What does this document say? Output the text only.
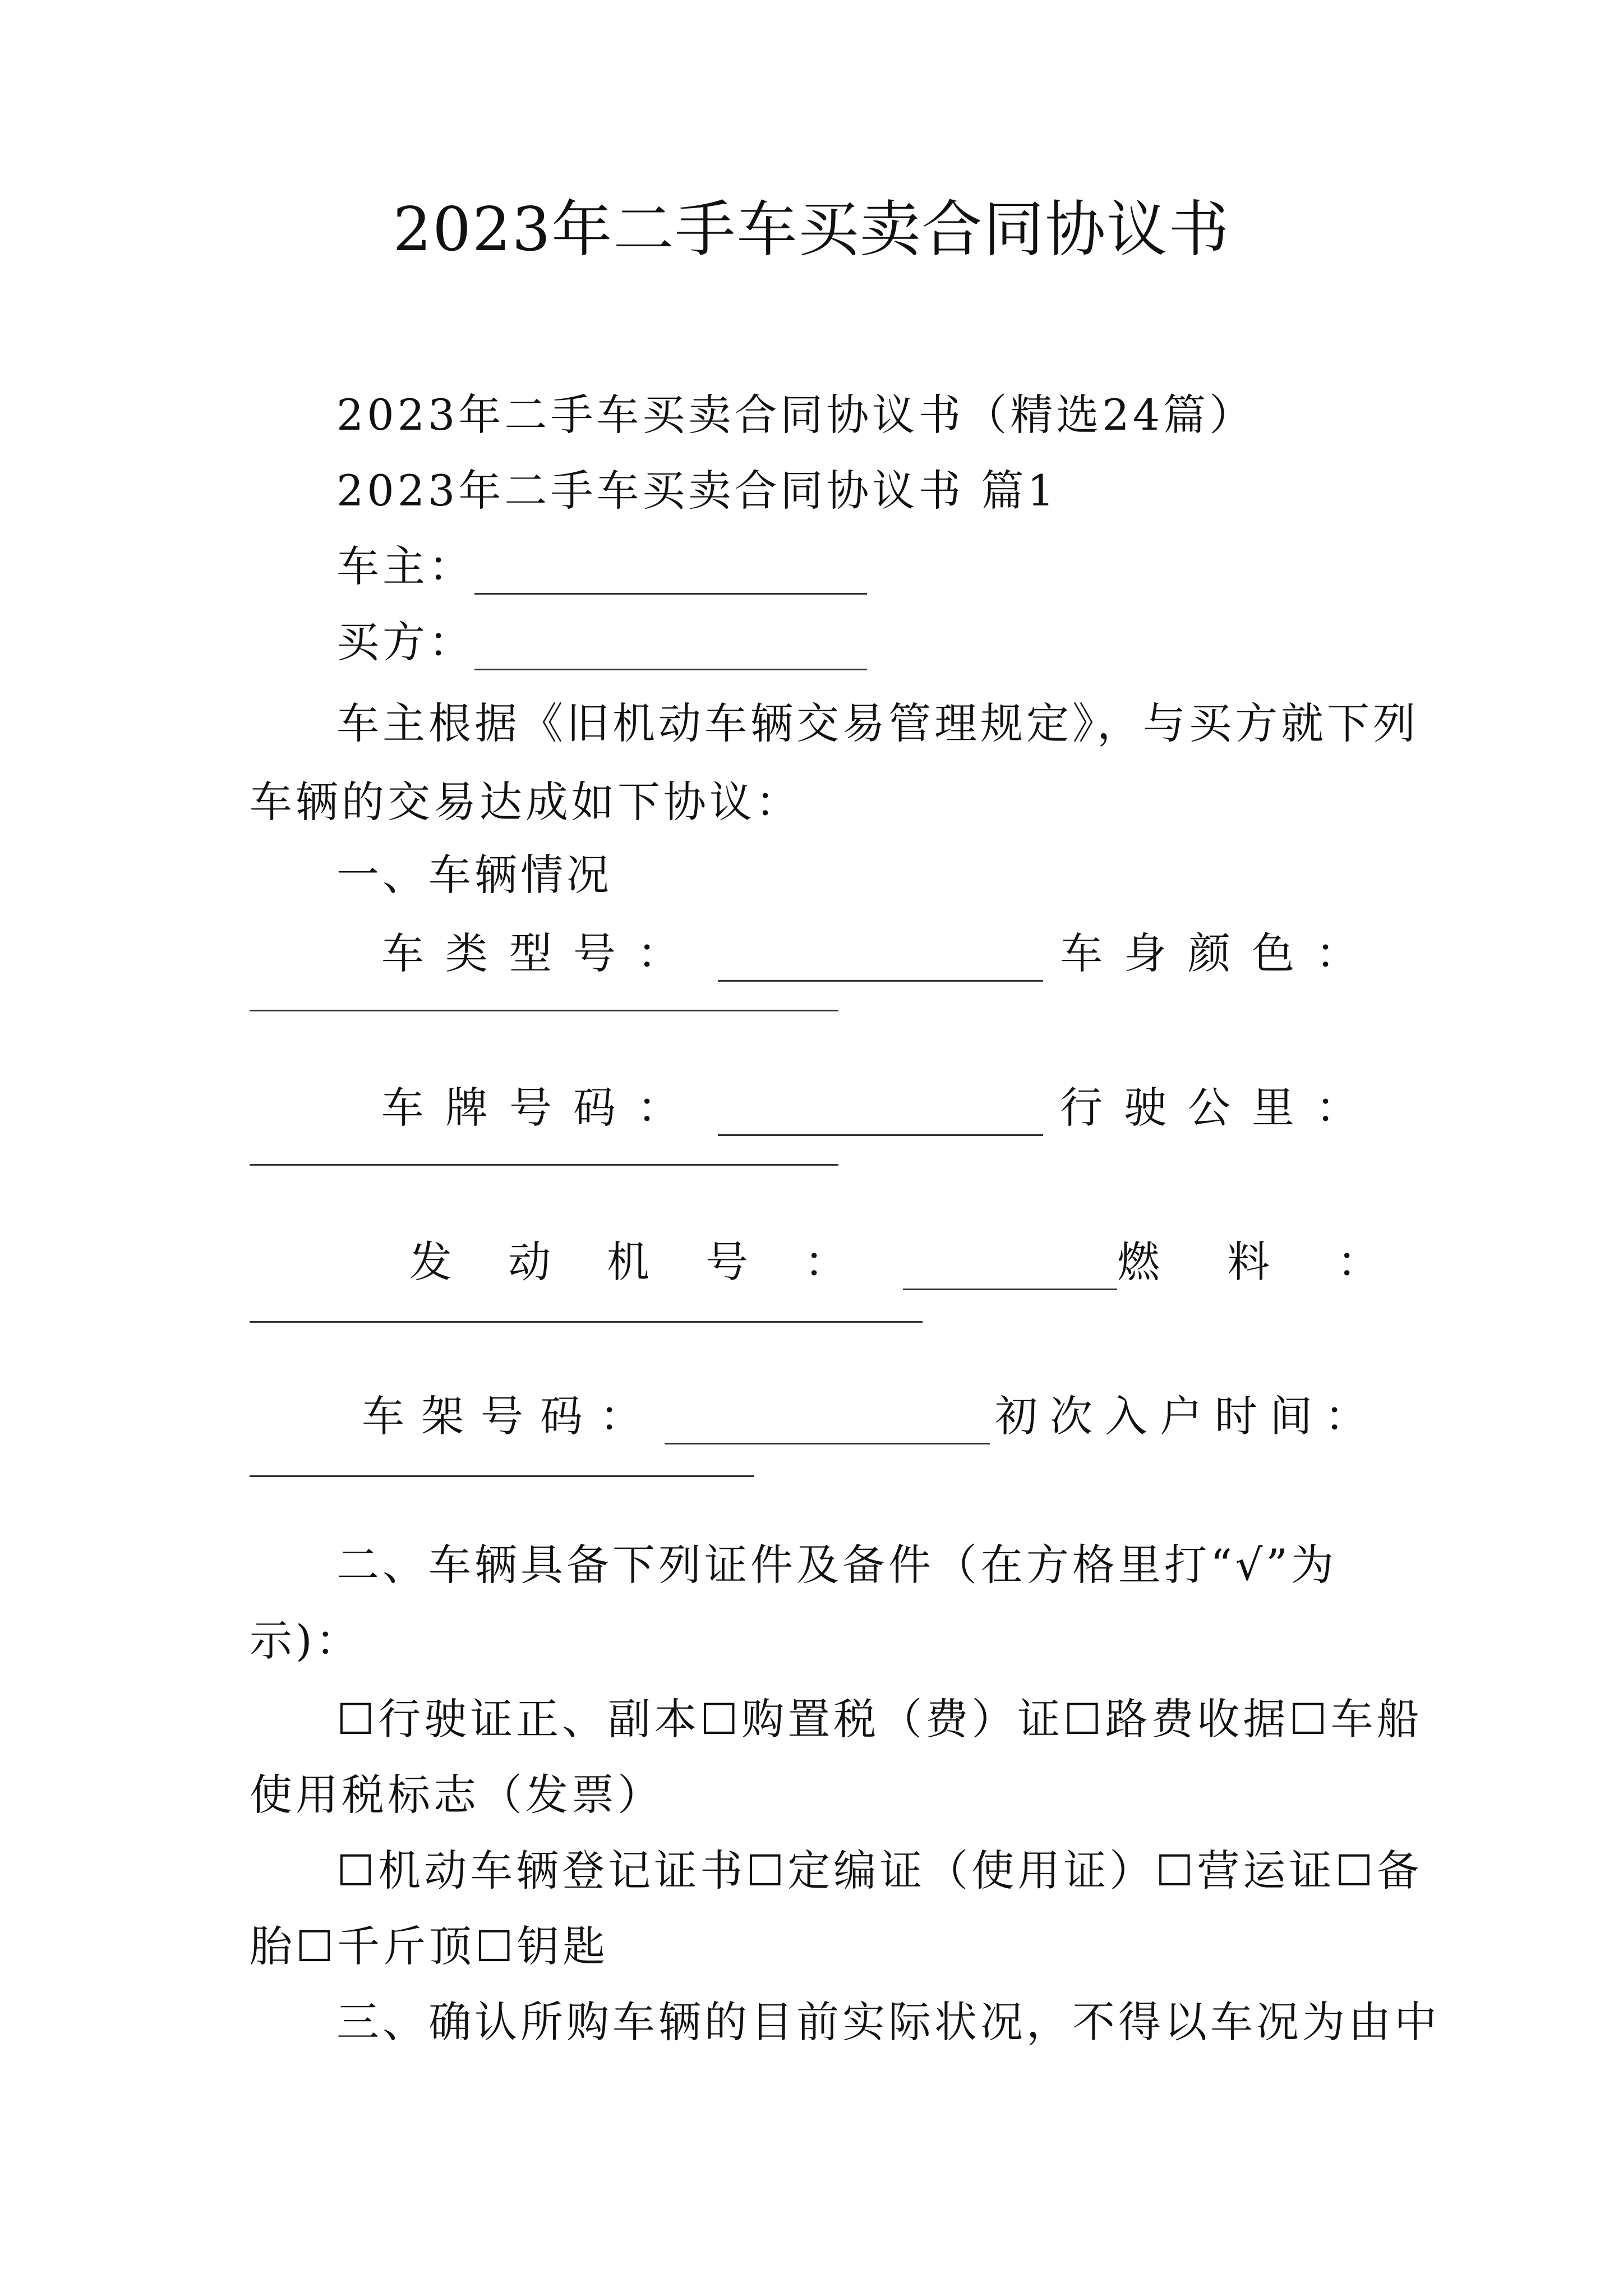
2023年二手车买卖合同协议书
2023年二手车买卖合同协议书（精选24篇）
2023年二手车买卖合同协议书 篇1
车主：
买方：
车主根据《旧机动车辆交易管理规定》，与买方就下列
车辆的交易达成如下协议：
一、车辆情况
车类型号：	车身颜色：
车牌号码：	行驶公里：
发动机号：	燃料：
车架号码：	初次入户时间：
二、车辆具备下列证件及备件（在方格里打“√”为
示)：
☐行驶证正、副本☐购置税（费）证☐路费收据☐车船
使用税标志（发票）
☐机动车辆登记证书☐定编证（使用证）☐营运证☐备
胎☐千斤顶☐钥匙
三、确认所购车辆的目前实际状况，不得以车况为由中
